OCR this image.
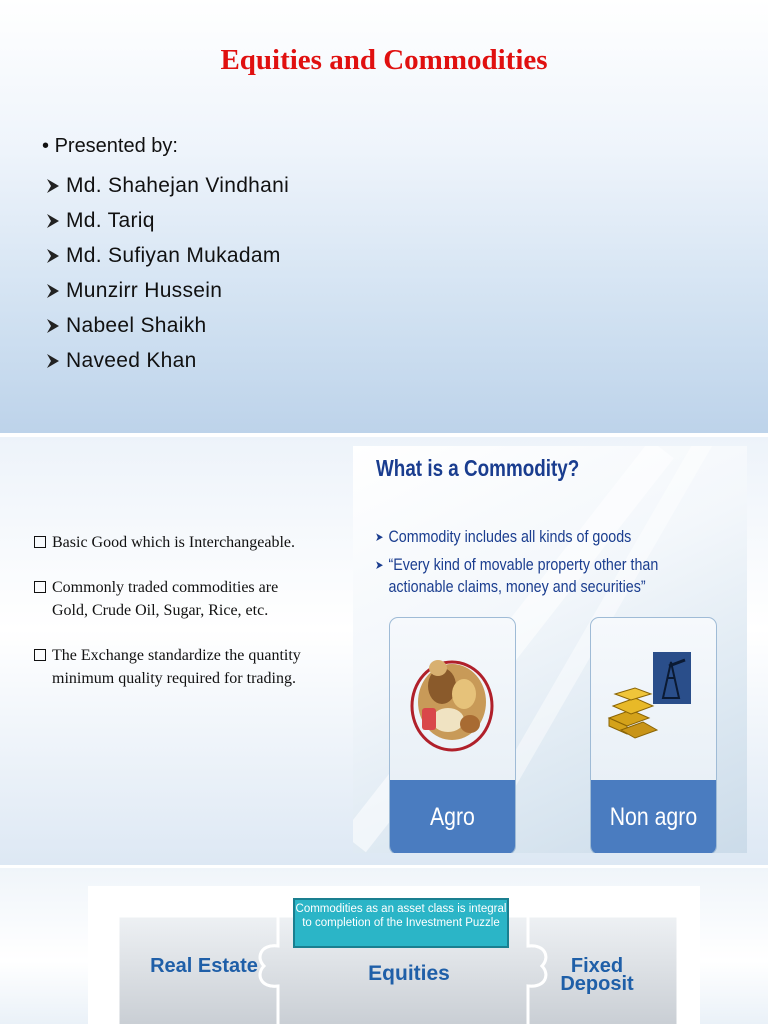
Equities and Commodities
• Presented by:
Md. Shahejan Vindhani
Md. Tariq
Md. Sufiyan Mukadam
Munzirr Hussein
Nabeel Shaikh
Naveed Khan
Basic Good which is Interchangeable.
Commonly traded commodities are Gold, Crude Oil, Sugar, Rice, etc.
The Exchange standardize the quantity minimum quality required for trading.
What is a Commodity?
➤ Commodity includes all kinds of goods
➤ “Every kind of movable property other than actionable claims, money and securities”
Agro	Non agro
Real Estate	Equities	Fixed Deposit
Commodities as an asset class is integral to completion of the Investment Puzzle
